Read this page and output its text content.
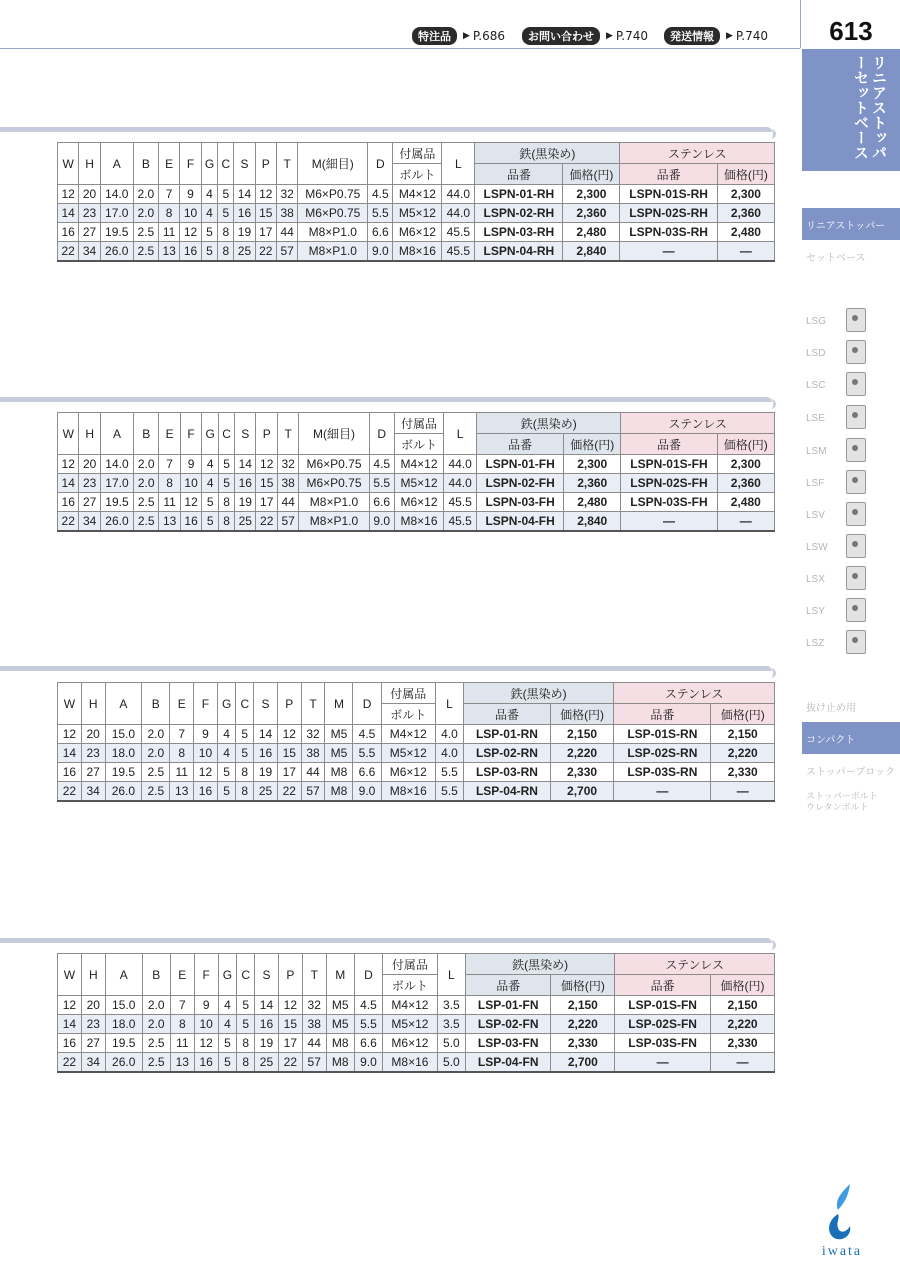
特注品	▶ P.686	お問い合わせ	▶ P.740	発送情報	▶ P.740	613
リニアストッパーセットベース
リニアストッパー
セットベース
LSG
LSD
LSC
LSE
LSM
LSF
LSV
LSW
LSX
LSY
LSZ
抜け止め用
コンパクト
ストッパーブロック
ストッパーボルト
ウレタンボルト
W	H	A	B	E	F	G	C	S	P	T	M(細目)	D	付属品	L	鉄(黒染め)		ステンレス	
													ボルト		品番	価格(円)	品番	価格(円)
12	20	14.0	2.0	7	9	4	5	14	12	32	M6×P0.75	4.5	M4×12	44.0	LSPN-01-RH	2,300	LSPN-01S-RH	2,300
14	23	17.0	2.0	8	10	4	5	16	15	38	M6×P0.75	5.5	M5×12	44.0	LSPN-02-RH	2,360	LSPN-02S-RH	2,360
16	27	19.5	2.5	11	12	5	8	19	17	44	M8×P1.0	6.6	M6×12	45.5	LSPN-03-RH	2,480	LSPN-03S-RH	2,480
22	34	26.0	2.5	13	16	5	8	25	22	57	M8×P1.0	9.0	M8×16	45.5	LSPN-04-RH	2,840	—	—
W	H	A	B	E	F	G	C	S	P	T	M(細目)	D	付属品	L	鉄(黒染め)		ステンレス	
													ボルト		品番	価格(円)	品番	価格(円)
12	20	14.0	2.0	7	9	4	5	14	12	32	M6×P0.75	4.5	M4×12	44.0	LSPN-01-FH	2,300	LSPN-01S-FH	2,300
14	23	17.0	2.0	8	10	4	5	16	15	38	M6×P0.75	5.5	M5×12	44.0	LSPN-02-FH	2,360	LSPN-02S-FH	2,360
16	27	19.5	2.5	11	12	5	8	19	17	44	M8×P1.0	6.6	M6×12	45.5	LSPN-03-FH	2,480	LSPN-03S-FH	2,480
22	34	26.0	2.5	13	16	5	8	25	22	57	M8×P1.0	9.0	M8×16	45.5	LSPN-04-FH	2,840	—	—
W	H	A	B	E	F	G	C	S	P	T	M	D	付属品	L	鉄(黒染め)		ステンレス	
													ボルト		品番	価格(円)	品番	価格(円)
12	20	15.0	2.0	7	9	4	5	14	12	32	M5	4.5	M4×12	4.0	LSP-01-RN	2,150	LSP-01S-RN	2,150
14	23	18.0	2.0	8	10	4	5	16	15	38	M5	5.5	M5×12	4.0	LSP-02-RN	2,220	LSP-02S-RN	2,220
16	27	19.5	2.5	11	12	5	8	19	17	44	M8	6.6	M6×12	5.5	LSP-03-RN	2,330	LSP-03S-RN	2,330
22	34	26.0	2.5	13	16	5	8	25	22	57	M8	9.0	M8×16	5.5	LSP-04-RN	2,700	—	—
W	H	A	B	E	F	G	C	S	P	T	M	D	付属品	L	鉄(黒染め)		ステンレス	
													ボルト		品番	価格(円)	品番	価格(円)
12	20	15.0	2.0	7	9	4	5	14	12	32	M5	4.5	M4×12	3.5	LSP-01-FN	2,150	LSP-01S-FN	2,150
14	23	18.0	2.0	8	10	4	5	16	15	38	M5	5.5	M5×12	3.5	LSP-02-FN	2,220	LSP-02S-FN	2,220
16	27	19.5	2.5	11	12	5	8	19	17	44	M8	6.6	M6×12	5.0	LSP-03-FN	2,330	LSP-03S-FN	2,330
22	34	26.0	2.5	13	16	5	8	25	22	57	M8	9.0	M8×16	5.0	LSP-04-FN	2,700	—	—
iwata
